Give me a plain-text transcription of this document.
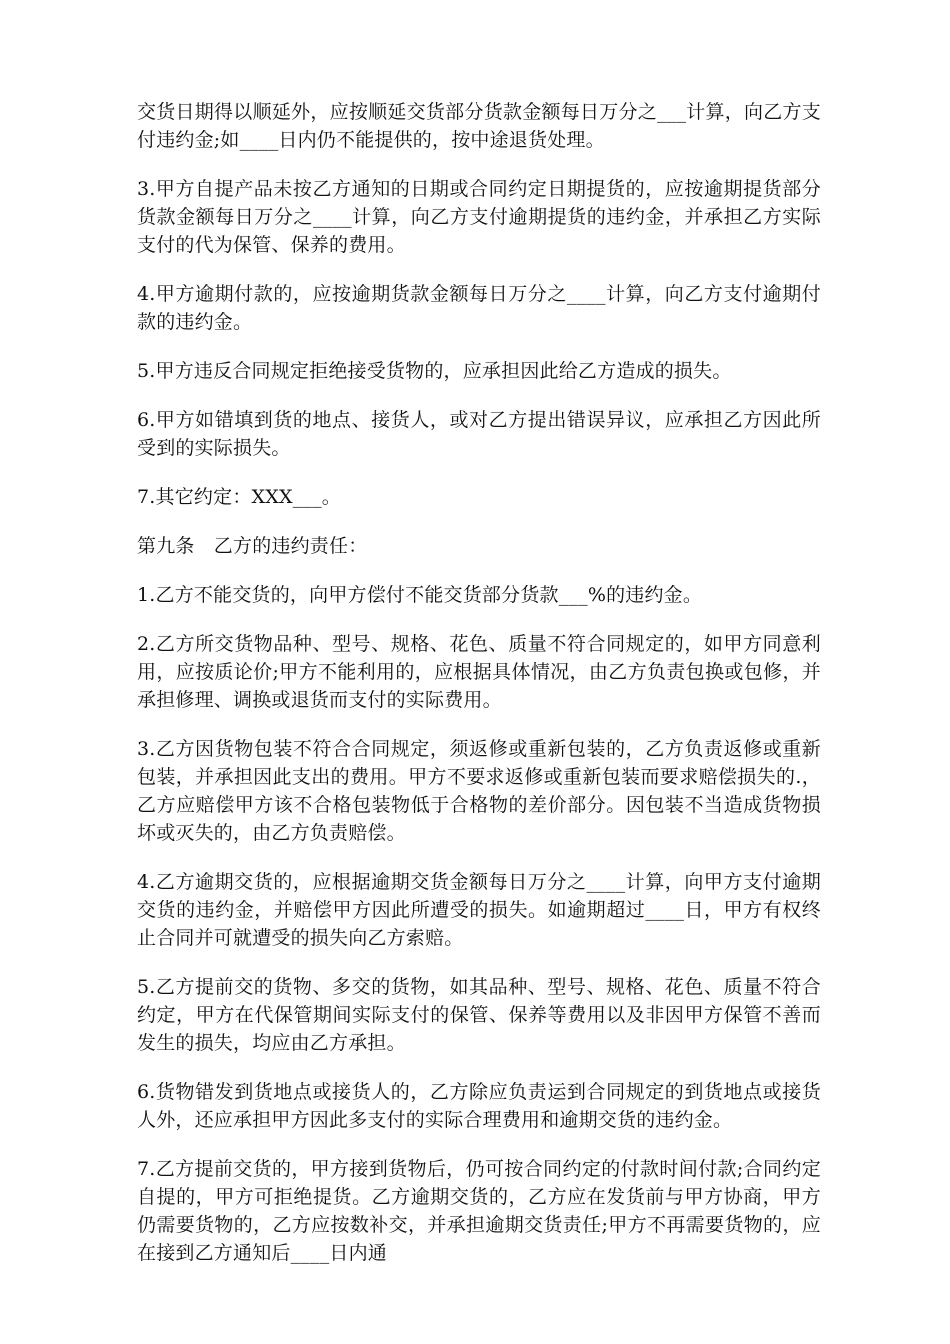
交货日期得以顺延外，应按顺延交货部分货款金额每日万分之___计算，向乙方支付违约金;如____日内仍不能提供的，按中途退货处理。

3.甲方自提产品未按乙方通知的日期或合同约定日期提货的，应按逾期提货部分货款金额每日万分之____计算，向乙方支付逾期提货的违约金，并承担乙方实际支付的代为保管、保养的费用。

4.甲方逾期付款的，应按逾期货款金额每日万分之____计算，向乙方支付逾期付款的违约金。

5.甲方违反合同规定拒绝接受货物的，应承担因此给乙方造成的损失。

6.甲方如错填到货的地点、接货人，或对乙方提出错误异议，应承担乙方因此所受到的实际损失。

7.其它约定：XXX___。

第九条　乙方的违约责任：

1.乙方不能交货的，向甲方偿付不能交货部分货款___%的违约金。

2.乙方所交货物品种、型号、规格、花色、质量不符合同规定的，如甲方同意利用，应按质论价;甲方不能利用的，应根据具体情况，由乙方负责包换或包修，并承担修理、调换或退货而支付的实际费用。

3.乙方因货物包装不符合合同规定，须返修或重新包装的，乙方负责返修或重新包装，并承担因此支出的费用。甲方不要求返修或重新包装而要求赔偿损失的.，乙方应赔偿甲方该不合格包装物低于合格物的差价部分。因包装不当造成货物损坏或灭失的，由乙方负责赔偿。

4.乙方逾期交货的，应根据逾期交货金额每日万分之____计算，向甲方支付逾期交货的违约金，并赔偿甲方因此所遭受的损失。如逾期超过____日，甲方有权终止合同并可就遭受的损失向乙方索赔。

5.乙方提前交的货物、多交的货物，如其品种、型号、规格、花色、质量不符合约定，甲方在代保管期间实际支付的保管、保养等费用以及非因甲方保管不善而发生的损失，均应由乙方承担。

6.货物错发到货地点或接货人的，乙方除应负责运到合同规定的到货地点或接货人外，还应承担甲方因此多支付的实际合理费用和逾期交货的违约金。

7.乙方提前交货的，甲方接到货物后，仍可按合同约定的付款时间付款;合同约定自提的，甲方可拒绝提货。乙方逾期交货的，乙方应在发货前与甲方协商，甲方仍需要货物的，乙方应按数补交，并承担逾期交货责任;甲方不再需要货物的，应在接到乙方通知后____日内通
